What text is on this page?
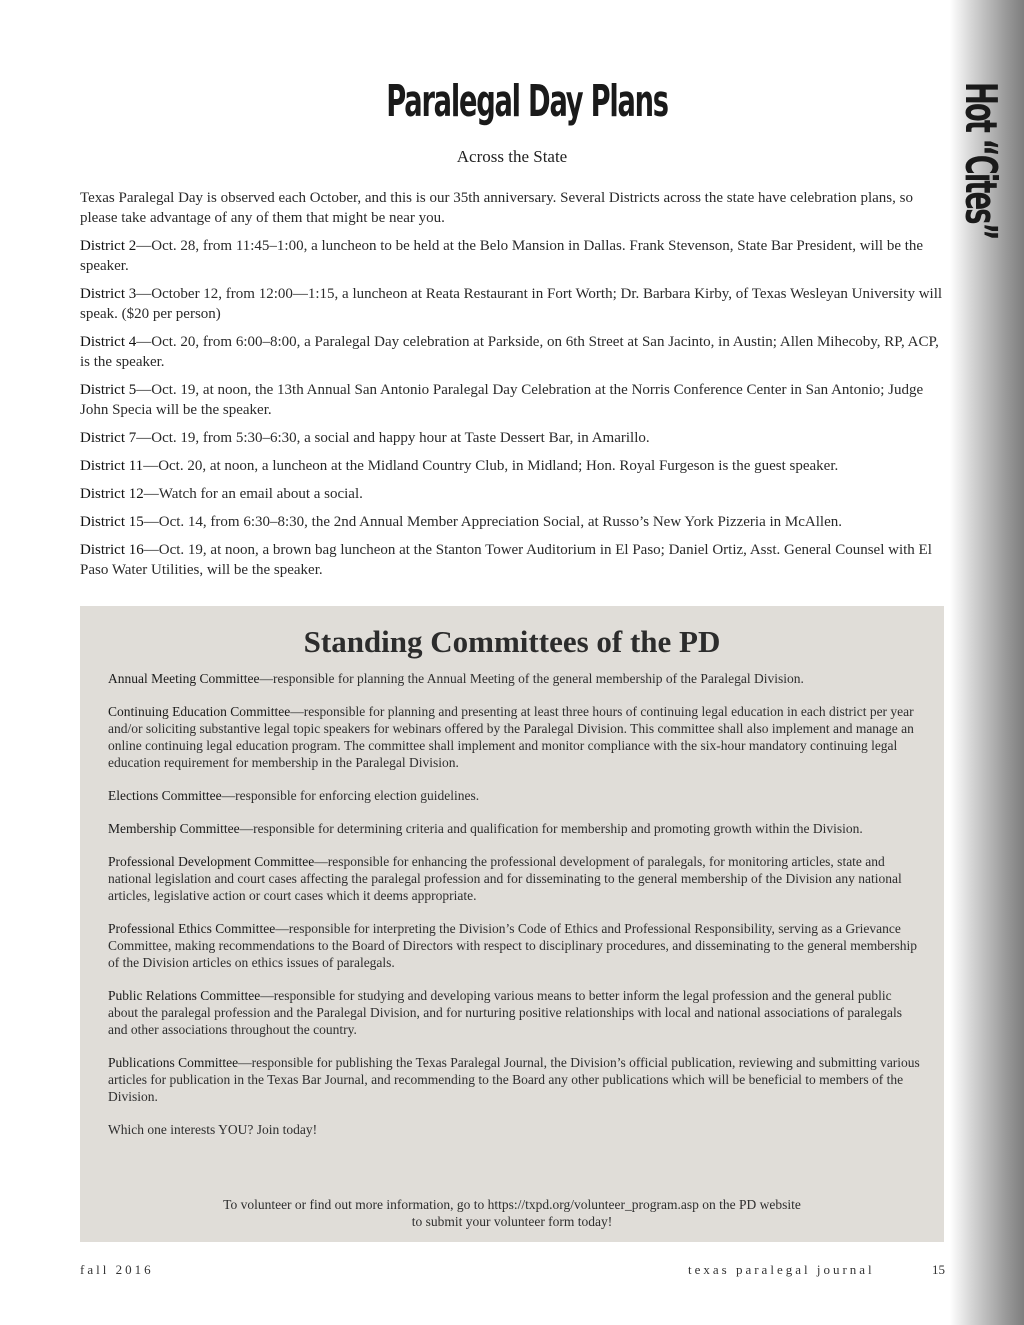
Hot “Cites”
Paralegal Day Plans
Across the State

Texas Paralegal Day is observed each October, and this is our 35th anniversary. Several Districts across the state have celebration plans, so please take advantage of any of them that might be near you.

District 2—Oct. 28, from 11:45–1:00, a luncheon to be held at the Belo Mansion in Dallas. Frank Stevenson, State Bar President, will be the speaker.

District 3—October 12, from 12:00—1:15, a luncheon at Reata Restaurant in Fort Worth; Dr. Barbara Kirby, of Texas Wesleyan University will speak. ($20 per person)

District 4—Oct. 20, from 6:00–8:00, a Paralegal Day celebration at Parkside, on 6th Street at San Jacinto, in Austin; Allen Mihecoby, RP, ACP, is the speaker.

District 5—Oct. 19, at noon, the 13th Annual San Antonio Paralegal Day Celebration at the Norris Conference Center in San Antonio; Judge John Specia will be the speaker.

District 7—Oct. 19, from 5:30–6:30, a social and happy hour at Taste Dessert Bar, in Amarillo.

District 11—Oct. 20, at noon, a luncheon at the Midland Country Club, in Midland; Hon. Royal Furgeson is the guest speaker.

District 12—Watch for an email about a social.

District 15—Oct. 14, from 6:30–8:30, the 2nd Annual Member Appreciation Social, at Russo’s New York Pizzeria in McAllen.

District 16—Oct. 19, at noon, a brown bag luncheon at the Stanton Tower Auditorium in El Paso; Daniel Ortiz, Asst. General Counsel with El Paso Water Utilities, will be the speaker.

Standing Committees of the PD

Annual Meeting Committee—responsible for planning the Annual Meeting of the general membership of the Paralegal Division.

Continuing Education Committee—responsible for planning and presenting at least three hours of continuing legal education in each district per year and/or soliciting substantive legal topic speakers for webinars offered by the Paralegal Division. This committee shall also implement and manage an online continuing legal education program. The committee shall implement and monitor compliance with the six-hour mandatory continuing legal education requirement for membership in the Paralegal Division.

Elections Committee—responsible for enforcing election guidelines.

Membership Committee—responsible for determining criteria and qualification for membership and promoting growth within the Division.

Professional Development Committee—responsible for enhancing the professional development of paralegals, for monitoring articles, state and national legislation and court cases affecting the paralegal profession and for disseminating to the general membership of the Division any national articles, legislative action or court cases which it deems appropriate.

Professional Ethics Committee—responsible for interpreting the Division’s Code of Ethics and Professional Responsibility, serving as a Grievance Committee, making recommendations to the Board of Directors with respect to disciplinary procedures, and disseminating to the general membership of the Division articles on ethics issues of paralegals.

Public Relations Committee—responsible for studying and developing various means to better inform the legal profession and the general public about the paralegal profession and the Paralegal Division, and for nurturing positive relationships with local and national associations of paralegals and other associations throughout the country.

Publications Committee—responsible for publishing the Texas Paralegal Journal, the Division’s official publication, reviewing and submitting various articles for publication in the Texas Bar Journal, and recommending to the Board any other publications which will be beneficial to members of the Division.

Which one interests YOU? Join today!

To volunteer or find out more information, go to https://txpd.org/volunteer_program.asp on the PD website
to submit your volunteer form today!
fall 2016	texas paralegal journal	15
